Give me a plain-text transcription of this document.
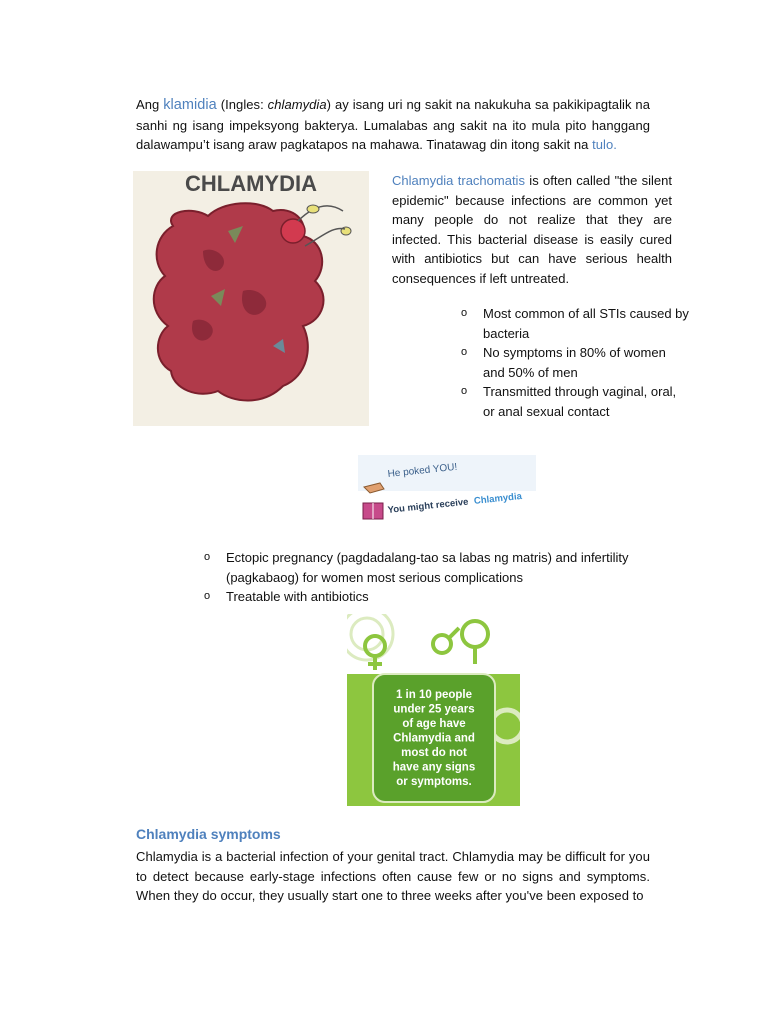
Ang klamidia (Ingles: chlamydia) ay isang uri ng sakit na nakukuha sa pakikipagtalik na sanhi ng isang impeksyong bakterya. Lumalabas ang sakit na ito mula pito hanggang dalawampu’t isang araw pagkatapos na mahawa. Tinatawag din itong sakit na tulo.

CHLAMYDIA	Chlamydia trachomatis is often called "the silent epidemic" because infections are common yet many people do not realize that they are infected. This bacterial disease is easily cured with antibiotics but can have serious health consequences if left untreated.

o Most common of all STIs caused by bacteria
o No symptoms in 80% of women and 50% of men
o Transmitted through vaginal, oral, or anal sexual contact
He poked YOU!
You might receive Chlamydia
o Ectopic pregnancy (pagdadalang-tao sa labas ng matris) and infertility (pagkabaog) for women most serious complications
o Treatable with antibiotics
1 in 10 people
under 25 years
of age have
Chlamydia and
most do not
have any signs
or symptoms.
Chlamydia symptoms

Chlamydia is a bacterial infection of your genital tract. Chlamydia may be difficult for you to detect because early-stage infections often cause few or no signs and symptoms. When they do occur, they usually start one to three weeks after you've been exposed to
